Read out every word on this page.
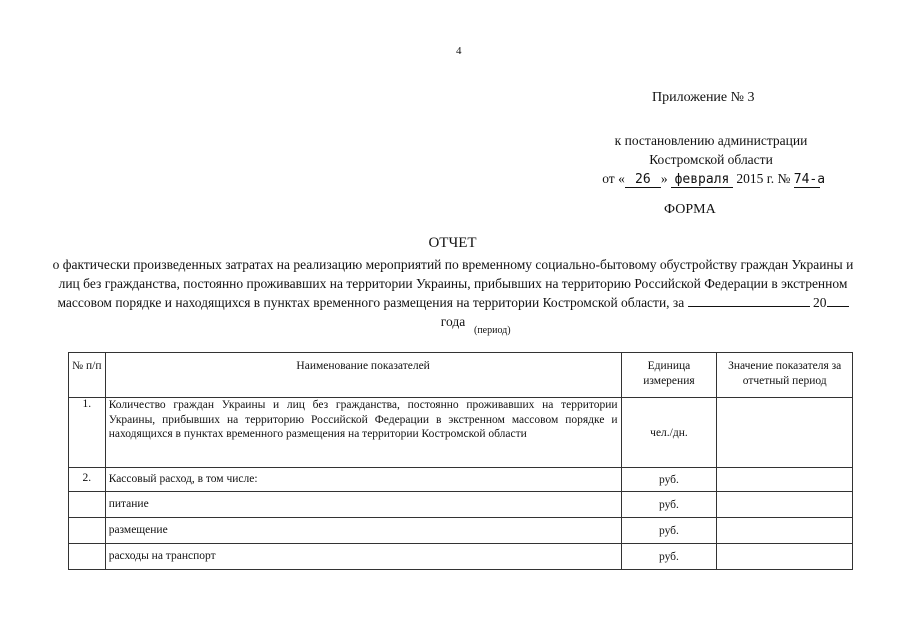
4
Приложение № 3
к постановлению администрации
Костромской области
от « 26 » февраля 2015 г. № 74-а
ФОРМА
ОТЧЕТ
о фактически произведенных затратах на реализацию мероприятий по временному социально-бытовому обустройству граждан Украины и лиц без гражданства, постоянно проживавших на территории Украины, прибывших на территорию Российской Федерации в экстренном массовом порядке и находящихся в пунктах временного размещения на территории Костромской области, за	20 года
(период)
№ п/п	Наименование показателей	Единица измерения	Значение показателя за отчетный период
1.	Количество граждан Украины и лиц без гражданства, постоянно проживавших на территории Украины, прибывших на территорию Российской Федерации в экстренном массовом порядке и находящихся в пунктах временного размещения на территории Костромской области	чел./дн.	
2.	Кассовый расход, в том числе:	руб.	
	питание	руб.	
	размещение	руб.	
	расходы на транспорт	руб.	
